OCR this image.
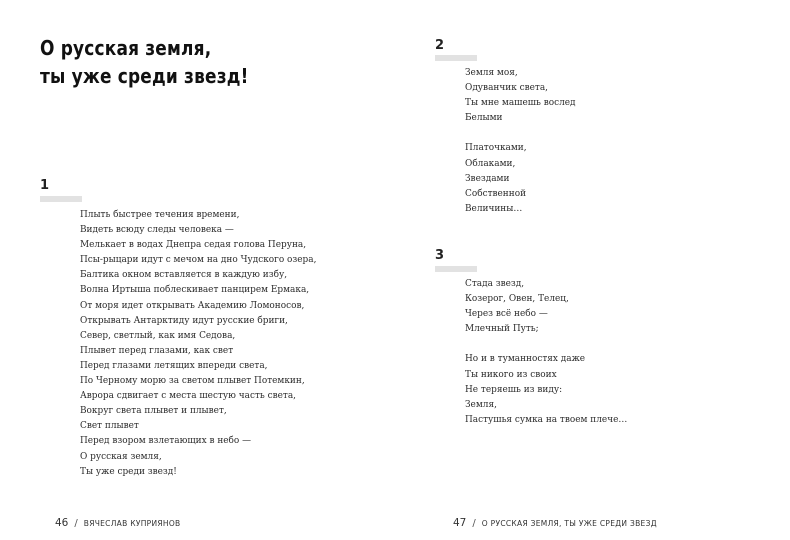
О русская земля,
ты уже среди звезд!
1
Плыть быстрее течения времени,
Видеть всюду следы человека —
Мелькает в водах Днепра седая голова Перуна,
Псы-рыцари идут с мечом на дно Чудского озера,
Балтика окном вставляется в каждую избу,
Волна Иртыша поблескивает панцирем Ермака,
От моря идет открывать Академию Ломоносов,
Открывать Антарктиду идут русские бриги,
Север, светлый, как имя Седова,
Плывет перед глазами, как свет
Перед глазами летящих впереди света,
По Черному морю за светом плывет Потемкин,
Аврора сдвигает с места шестую часть света,
Вокруг света плывет и плывет,
Свет плывет
Перед взором взлетающих в небо —
О русская земля,
Ты уже среди звезд!
46 / ВЯЧЕСЛАВ КУПРИЯНОВ
2
Земля моя,
Одуванчик света,
Ты мне машешь вослед
Белыми
Платочками,
Облаками,
Звездами
Собственной
Величины…
3
Стада звезд,
Козерог, Овен, Телец,
Через всё небо —
Млечный Путь;
Но и в туманностях даже
Ты никого из своих
Не теряешь из виду:
Земля,
Пастушья сумка на твоем плече…
47 / О РУССКАЯ ЗЕМЛЯ, ТЫ УЖЕ СРЕДИ ЗВЕЗД
